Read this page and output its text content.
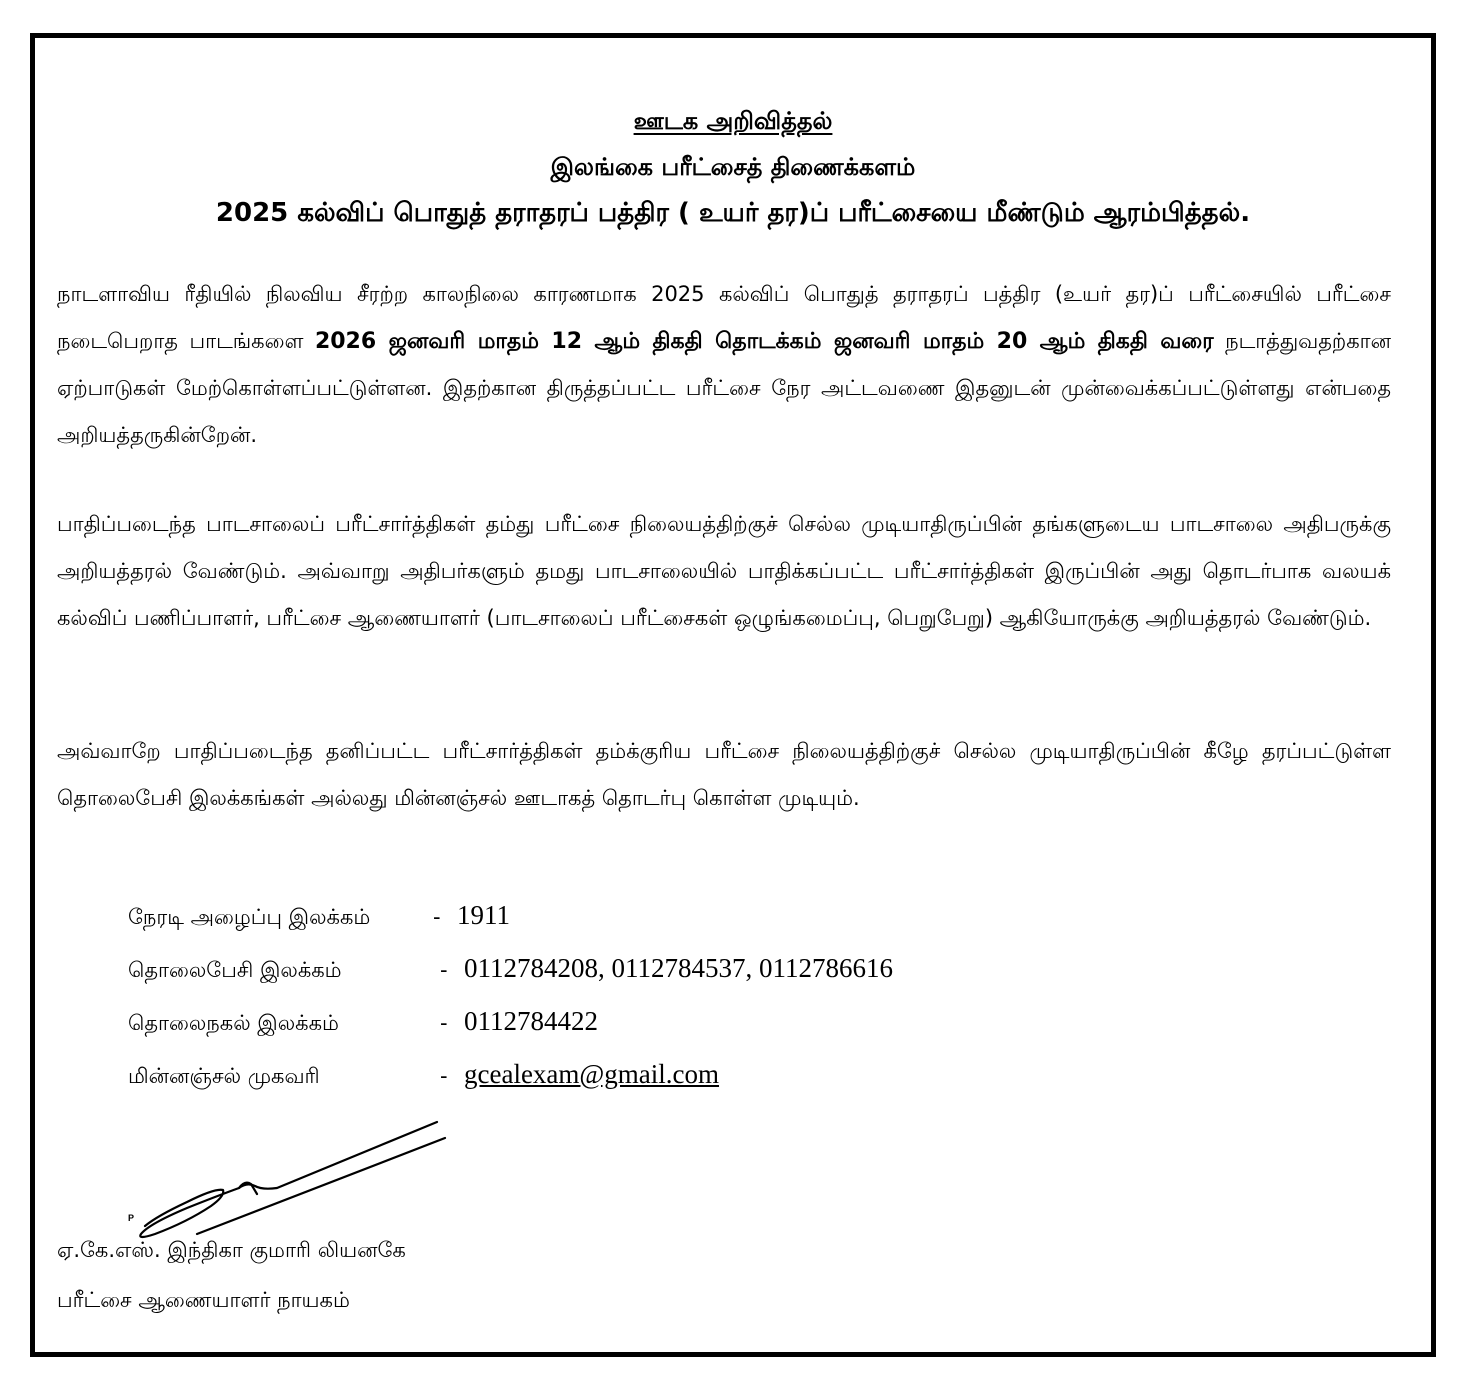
ஊடக அறிவித்தல்
இலங்கை பரீட்சைத் திணைக்களம்
2025 கல்விப் பொதுத் தராதரப் பத்திர ( உயர் தர)ப் பரீட்சையை மீண்டும் ஆரம்பித்தல்.
நாடளாவிய ரீதியில் நிலவிய சீரற்ற காலநிலை காரணமாக 2025 கல்விப் பொதுத் தராதரப் பத்திர (உயர் தர)ப் பரீட்சையில் பரீட்சை நடைபெறாத பாடங்களை 2026 ஜனவரி மாதம் 12 ஆம் திகதி தொடக்கம் ஜனவரி மாதம் 20 ஆம் திகதி வரை நடாத்துவதற்கான ஏற்பாடுகள் மேற்கொள்ளப்பட்டுள்ளன. இதற்கான திருத்தப்பட்ட பரீட்சை நேர அட்டவணை இதனுடன் முன்வைக்கப்பட்டுள்ளது என்பதை அறியத்தருகின்றேன்.
பாதிப்படைந்த பாடசாலைப் பரீட்சார்த்திகள் தம்து பரீட்சை நிலையத்திற்குச் செல்ல முடியாதிருப்பின் தங்களுடைய பாடசாலை அதிபருக்கு அறியத்தரல் வேண்டும். அவ்வாறு அதிபர்களும் தமது பாடசாலையில் பாதிக்கப்பட்ட பரீட்சார்த்திகள் இருப்பின் அது தொடர்பாக வலயக் கல்விப் பணிப்பாளர், பரீட்சை ஆணையாளர் (பாடசாலைப் பரீட்சைகள் ஒழுங்கமைப்பு, பெறுபேறு) ஆகியோருக்கு அறியத்தரல் வேண்டும்.
அவ்வாறே பாதிப்படைந்த தனிப்பட்ட பரீட்சார்த்திகள் தம்க்குரிய பரீட்சை நிலையத்திற்குச் செல்ல முடியாதிருப்பின் கீழே தரப்பட்டுள்ள தொலைபேசி இலக்கங்கள் அல்லது மின்னஞ்சல் ஊடாகத் தொடர்பு கொள்ள முடியும்.
நேரடி அழைப்பு இலக்கம்	- 1911
தொலைபேசி இலக்கம்	- 0112784208, 0112784537, 0112786616
தொலைநகல் இலக்கம்	- 0112784422
மின்னஞ்சல் முகவரி	- gcealexam@gmail.com
P
ஏ.கே.எஸ். இந்திகா குமாரி லியனகே
பரீட்சை ஆணையாளர் நாயகம்
